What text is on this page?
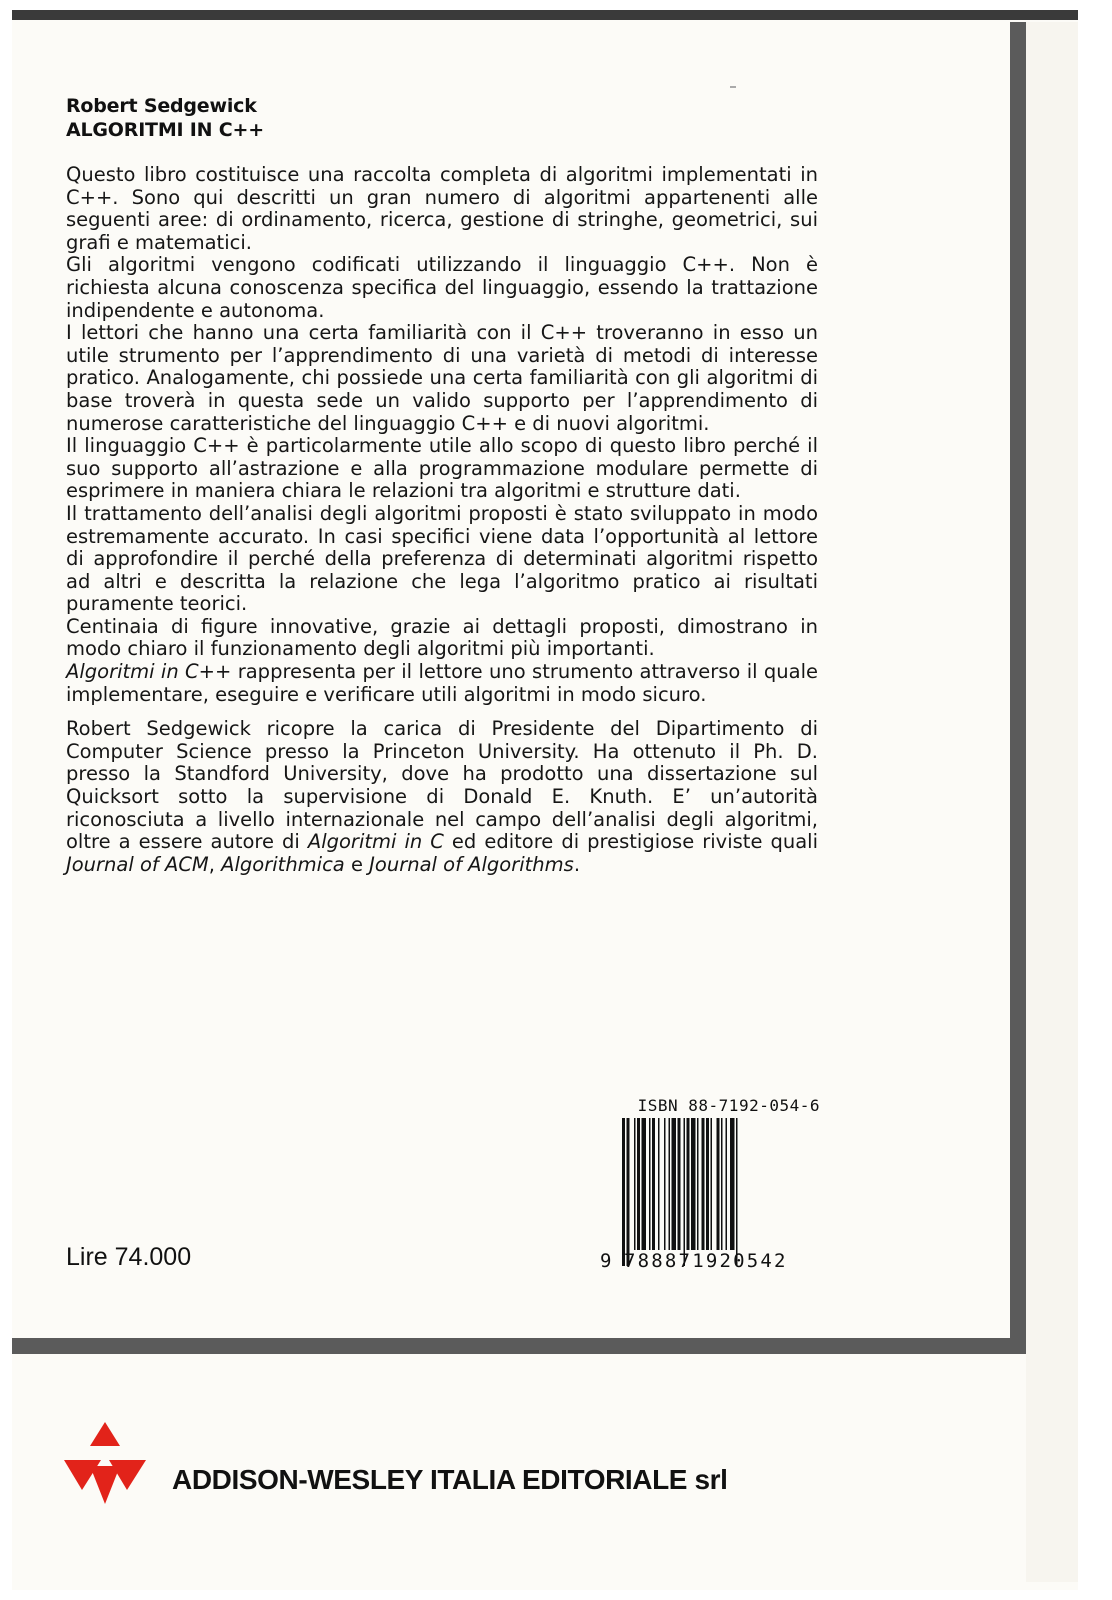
Robert Sedgewick
ALGORITMI IN C++

Questo libro costituisce una raccolta completa di algoritmi implementati in C++. Sono qui descritti un gran numero di algoritmi appartenenti alle seguenti aree: di ordinamento, ricerca, gestione di stringhe, geometrici, sui grafi e matematici.

Gli algoritmi vengono codificati utilizzando il linguaggio C++. Non è richiesta alcuna conoscenza specifica del linguaggio, essendo la trattazione indipendente e autonoma.

I lettori che hanno una certa familiarità con il C++ troveranno in esso un utile strumento per l’apprendimento di una varietà di metodi di interesse pratico. Analogamente, chi possiede una certa familiarità con gli algoritmi di base troverà in questa sede un valido supporto per l’apprendimento di numerose caratteristiche del linguaggio C++ e di nuovi algoritmi.

Il linguaggio C++ è particolarmente utile allo scopo di questo libro perché il suo supporto all’astrazione e alla programmazione modulare permette di esprimere in maniera chiara le relazioni tra algoritmi e strutture dati.

Il trattamento dell’analisi degli algoritmi proposti è stato sviluppato in modo estremamente accurato. In casi specifici viene data l’opportunità al lettore di approfondire il perché della preferenza di determinati algoritmi rispetto ad altri e descritta la relazione che lega l’algoritmo pratico ai risultati puramente teorici.

Centinaia di figure innovative, grazie ai dettagli proposti, dimostrano in modo chiaro il funzionamento degli algoritmi più importanti.

Algoritmi in C++ rappresenta per il lettore uno strumento attraverso il quale implementare, eseguire e verificare utili algoritmi in modo sicuro.

Robert Sedgewick ricopre la carica di Presidente del Dipartimento di Computer Science presso la Princeton University. Ha ottenuto il Ph. D. presso la Standford University, dove ha prodotto una dissertazione sul Quicksort sotto la supervisione di Donald E. Knuth. E’ un’autorità riconosciuta a livello internazionale nel campo dell’analisi degli algoritmi, oltre a essere autore di Algoritmi in C ed editore di prestigiose riviste quali Journal of ACM, Algorithmica e Journal of Algorithms.

ISBN 88-7192-054-6

9

788871920542

Lire 74.000
ADDISON-WESLEY ITALIA EDITORIALE srl
